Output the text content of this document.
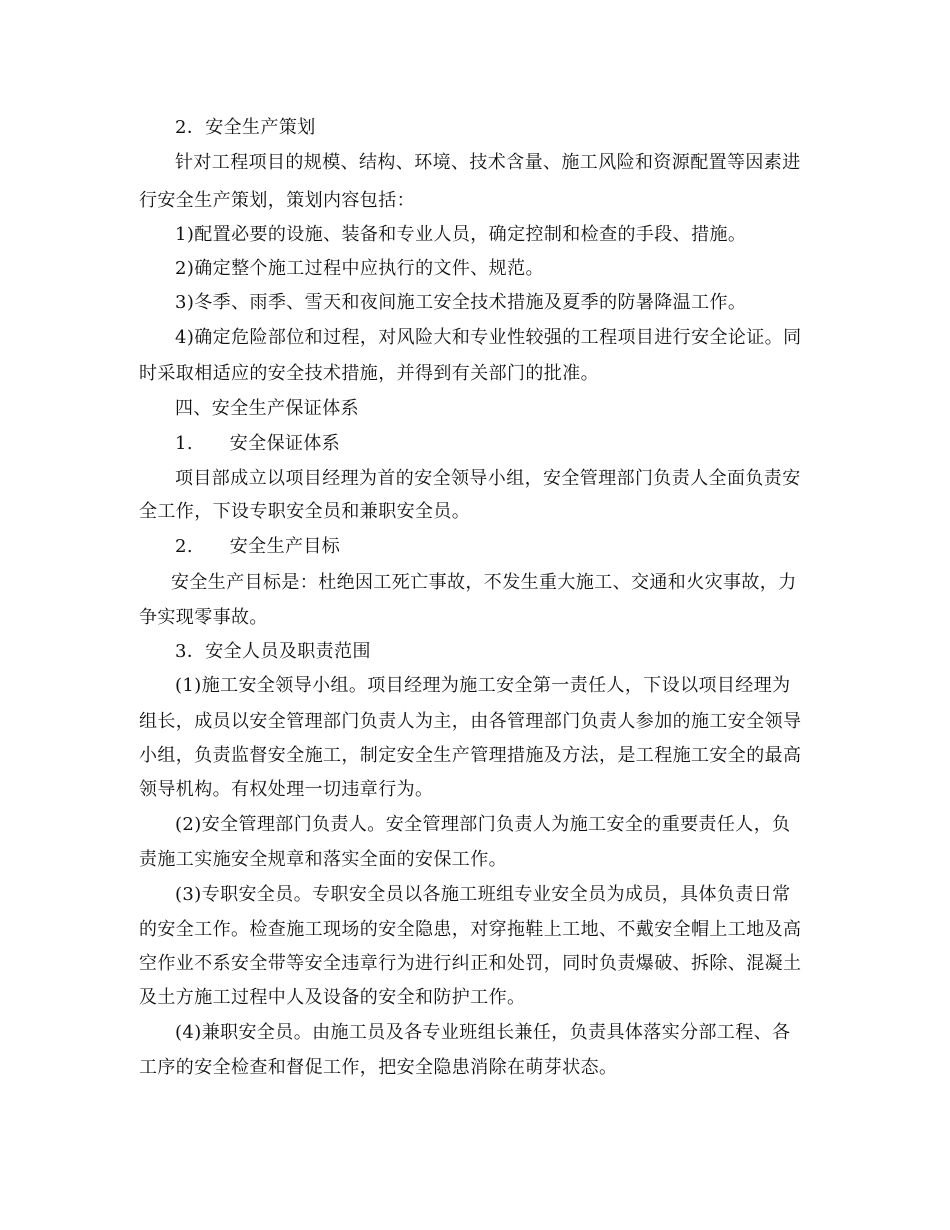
2．安全生产策划
针对工程项目的规模、结构、环境、技术含量、施工风险和资源配置等因素进
行安全生产策划，策划内容包括：
1)配置必要的设施、装备和专业人员，确定控制和检查的手段、措施。
2)确定整个施工过程中应执行的文件、规范。
3)冬季、雨季、雪天和夜间施工安全技术措施及夏季的防暑降温工作。
4)确定危险部位和过程，对风险大和专业性较强的工程项目进行安全论证。同
时采取相适应的安全技术措施，并得到有关部门的批准。
四、安全生产保证体系
1.　　安全保证体系
项目部成立以项目经理为首的安全领导小组，安全管理部门负责人全面负责安
全工作，下设专职安全员和兼职安全员。
2.　　安全生产目标
安全生产目标是：杜绝因工死亡事故，不发生重大施工、交通和火灾事故，力
争实现零事故。
3．安全人员及职责范围
(1)施工安全领导小组。项目经理为施工安全第一责任人，下设以项目经理为
组长，成员以安全管理部门负责人为主，由各管理部门负责人参加的施工安全领导
小组，负责监督安全施工，制定安全生产管理措施及方法，是工程施工安全的最高
领导机构。有权处理一切违章行为。
(2)安全管理部门负责人。安全管理部门负责人为施工安全的重要责任人，负
责施工实施安全规章和落实全面的安保工作。
(3)专职安全员。专职安全员以各施工班组专业安全员为成员，具体负责日常
的安全工作。检查施工现场的安全隐患，对穿拖鞋上工地、不戴安全帽上工地及高
空作业不系安全带等安全违章行为进行纠正和处罚，同时负责爆破、拆除、混凝土
及土方施工过程中人及设备的安全和防护工作。
(4)兼职安全员。由施工员及各专业班组长兼任，负责具体落实分部工程、各
工序的安全检查和督促工作，把安全隐患消除在萌芽状态。
